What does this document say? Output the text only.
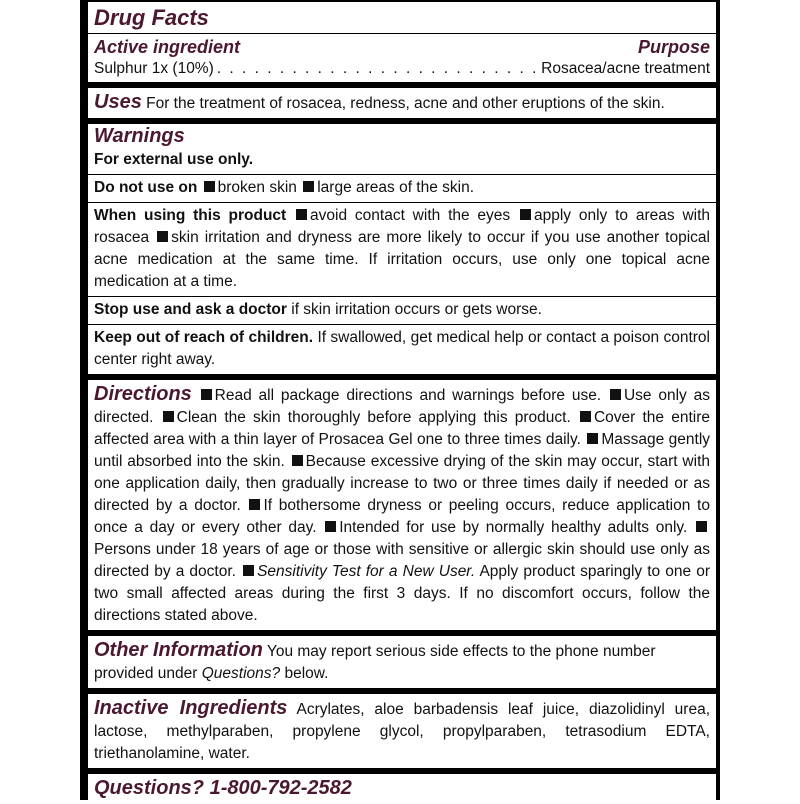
Drug Facts
Active ingredient	Purpose
Sulphur 1x (10%)
. . .	Rosacea/acne treatment
Uses For the treatment of rosacea, redness, acne and other eruptions of the skin.
Warnings
For external use only.
Do not use on broken skin large areas of the skin.
When using this product avoid contact with the eyes apply only to areas with rosacea skin irritation and dryness are more likely to occur if you use another topical acne medication at the same time. If irritation occurs, use only one topical acne medication at a time.
Stop use and ask a doctor if skin irritation occurs or gets worse.
Keep out of reach of children. If swallowed, get medical help or contact a poison control center right away.
Directions Read all package directions and warnings before use. Use only as directed. Clean the skin thoroughly before applying this product. Cover the entire affected area with a thin layer of Prosacea Gel one to three times daily. Massage gently until absorbed into the skin. Because excessive drying of the skin may occur, start with one application daily, then gradually increase to two or three times daily if needed or as directed by a doctor. If bothersome dryness or peeling occurs, reduce application to once a day or every other day. Intended for use by normally healthy adults only. Persons under 18 years of age or those with sensitive or allergic skin should use only as directed by a doctor. Sensitivity Test for a New User. Apply product sparingly to one or two small affected areas during the first 3 days. If no discomfort occurs, follow the directions stated above.
Other Information You may report serious side effects to the phone number provided under Questions? below.
Inactive Ingredients Acrylates, aloe barbadensis leaf juice, diazolidinyl urea, lactose, methylparaben, propylene glycol, propylparaben, tetrasodium EDTA, triethanolamine, water.
Questions? 1-800-792-2582
